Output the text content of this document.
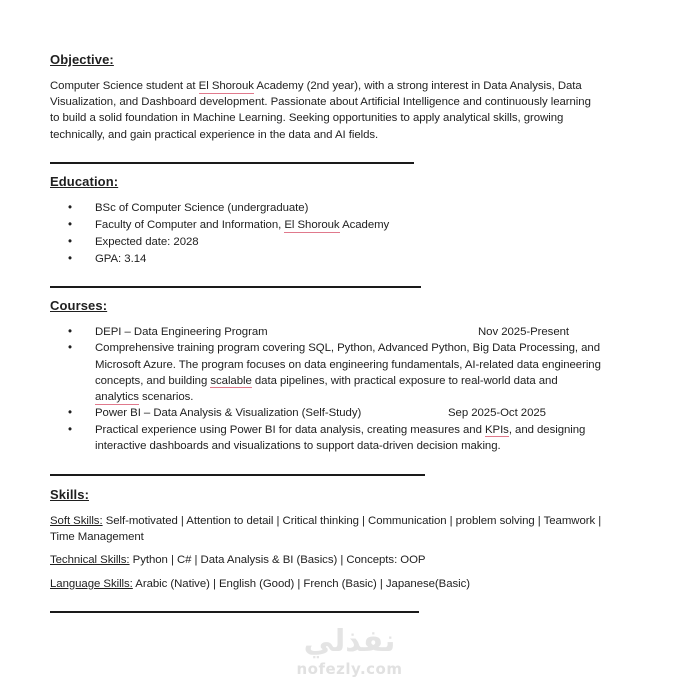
Objective:

Computer Science student at El Shorouk Academy (2nd year), with a strong interest in Data Analysis, Data Visualization, and Dashboard development. Passionate about Artificial Intelligence and continuously learning to build a solid foundation in Machine Learning. Seeking opportunities to apply analytical skills, growing technically, and gain practical experience in the data and AI fields.

Education:
• BSc of Computer Science (undergraduate)
• Faculty of Computer and Information, El Shorouk Academy
• Expected date: 2028
• GPA: 3.14
Courses:
• DEPI – Data Engineering Program	Nov 2025-Present
• Comprehensive training program covering SQL, Python, Advanced Python, Big Data Processing, and Microsoft Azure. The program focuses on data engineering fundamentals, AI-related data engineering concepts, and building scalable data pipelines, with practical exposure to real-world data and analytics scenarios.
• Power BI – Data Analysis & Visualization (Self-Study)	Sep 2025-Oct 2025
• Practical experience using Power BI for data analysis, creating measures and KPIs, and designing interactive dashboards and visualizations to support data-driven decision making.
Skills:

Soft Skills: Self-motivated | Attention to detail | Critical thinking | Communication | problem solving | Teamwork | Time Management

Technical Skills: Python | C# | Data Analysis & BI (Basics) | Concepts: OOP

Language Skills: Arabic (Native) | English (Good) | French (Basic) | Japanese(Basic)

نفذلي
nofezly.com
